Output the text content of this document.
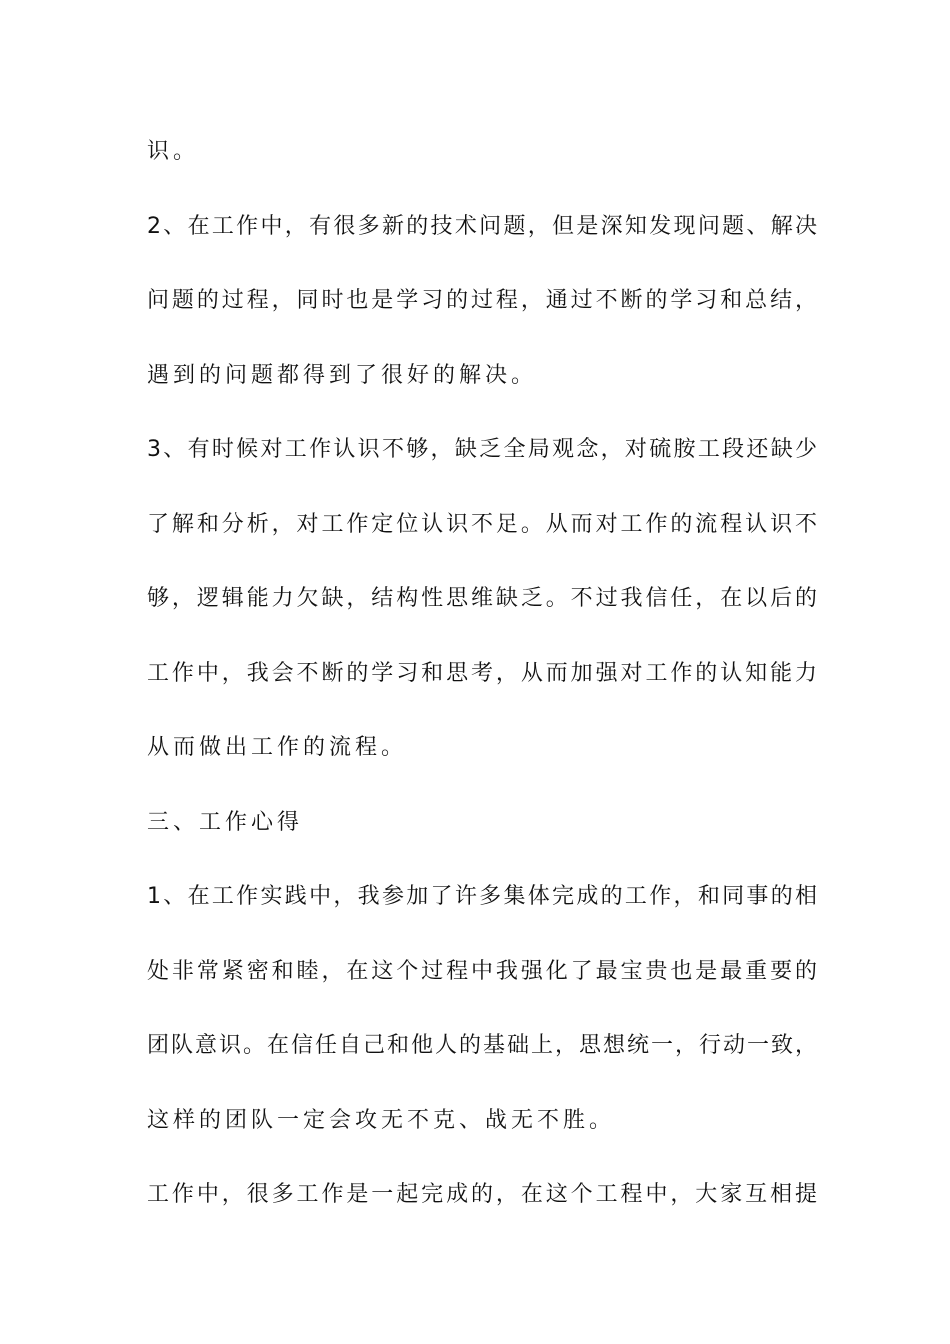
识。
2、在工作中，有很多新的技术问题，但是深知发现问题、解决
问题的过程，同时也是学习的过程，通过不断的学习和总结，
遇到的问题都得到了很好的解决。
3、有时候对工作认识不够，缺乏全局观念，对硫胺工段还缺少
了解和分析，对工作定位认识不足。从而对工作的流程认识不
够，逻辑能力欠缺，结构性思维缺乏。不过我信任，在以后的
工作中，我会不断的学习和思考，从而加强对工作的认知能力
从而做出工作的流程。
三、工作心得
1、在工作实践中，我参加了许多集体完成的工作，和同事的相
处非常紧密和睦，在这个过程中我强化了最宝贵也是最重要的
团队意识。在信任自己和他人的基础上，思想统一，行动一致，
这样的团队一定会攻无不克、战无不胜。
工作中，很多工作是一起完成的，在这个工程中，大家互相提
